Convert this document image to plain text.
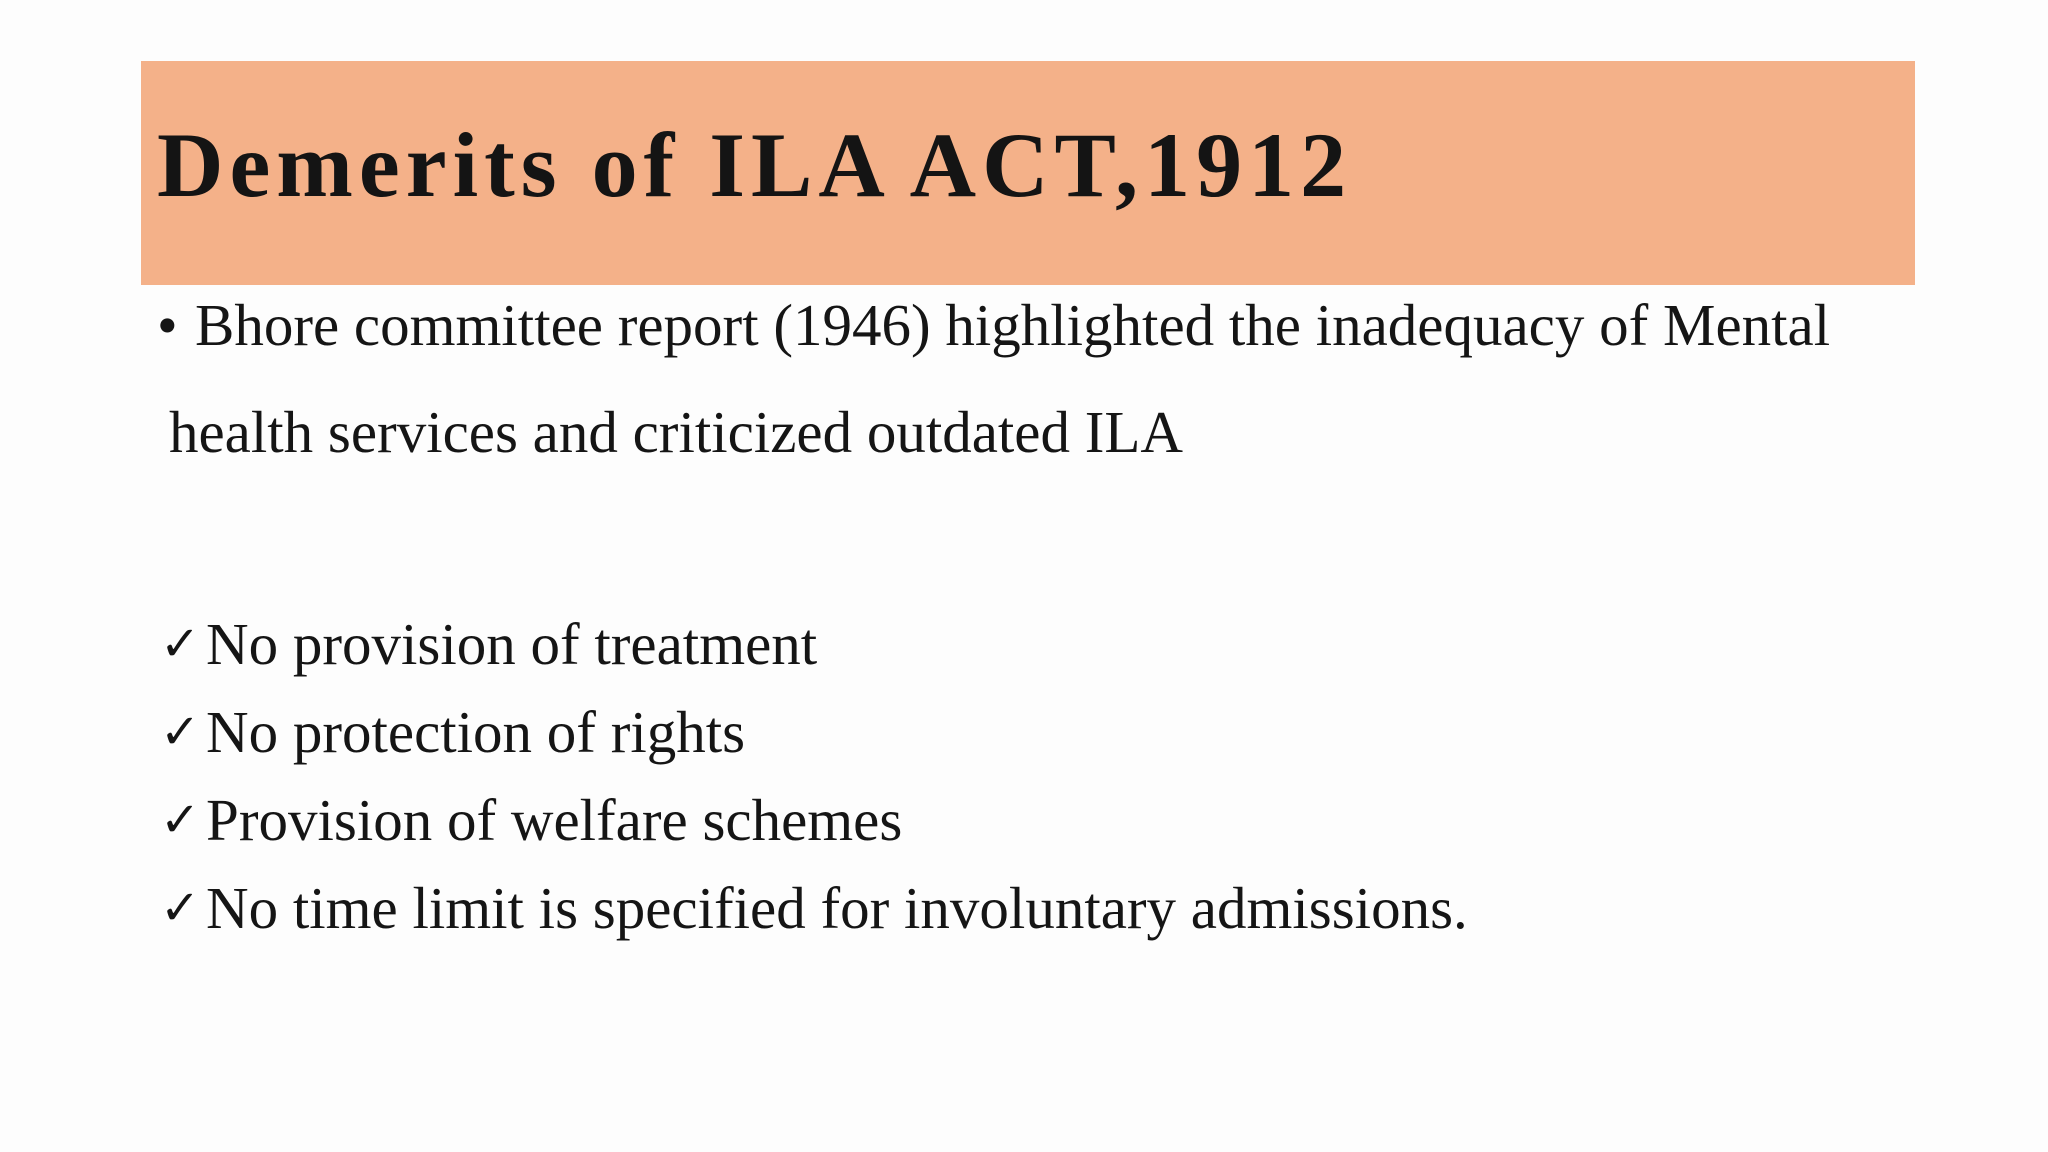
Demerits of ILA ACT,1912
• Bhore committee report (1946) highlighted the inadequacy of Mental
health services and criticized outdated ILA
✓No provision of treatment
✓No protection of rights
✓Provision of welfare schemes
✓No time limit is specified for involuntary admissions.
